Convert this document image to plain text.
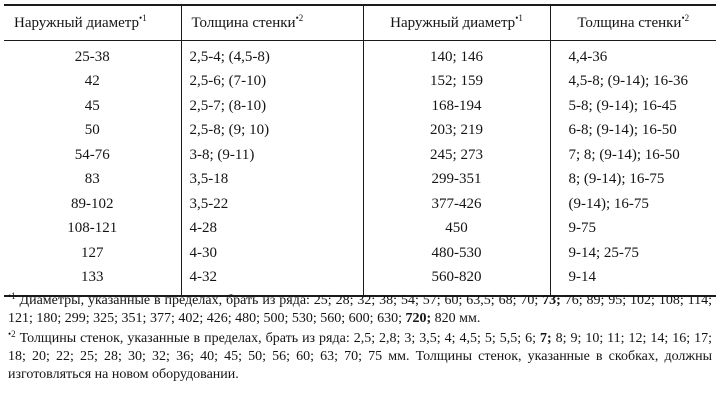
Наружный диаметр$^{•1}$	Толщина стенки$^{•2}$	Наружный диаметр$^{•1}$	Толщина стенки$^{•2}$
25-38	2,5-4; (4,5-8)	140; 146	4,4-36
42	2,5-6; (7-10)	152; 159	4,5-8; (9-14); 16-36
45	2,5-7; (8-10)	168-194	5-8; (9-14); 16-45
50	2,5-8; (9; 10)	203; 219	6-8; (9-14); 16-50
54-76	3-8; (9-11)	245; 273	7; 8; (9-14); 16-50
83	3,5-18	299-351	8; (9-14); 16-75
89-102	3,5-22	377-426	(9-14); 16-75
108-121	4-28	450	9-75
127	4-30	480-530	9-14; 25-75
133	4-32	560-820	9-14

$^{•1}$ Диаметры, указанные в пределах, брать из ряда: 25; 28; 32; 38; 54; 57; 60; 63,5; 68; 70; 73; 76; 89; 95; 102; 108; 114; 121; 180; 299; 325; 351; 377; 402; 426; 480; 500; 530; 560; 600; 630; 720; 820 мм.

$^{•2}$ Толщины стенок, указанные в пределах, брать из ряда: 2,5; 2,8; 3; 3,5; 4; 4,5; 5; 5,5; 6; 7; 8; 9; 10; 11; 12; 14; 16; 17; 18; 20; 22; 25; 28; 30; 32; 36; 40; 45; 50; 56; 60; 63; 70; 75 мм. Толщины стенок, указанные в скобках, должны изготовляться на новом оборудовании.
